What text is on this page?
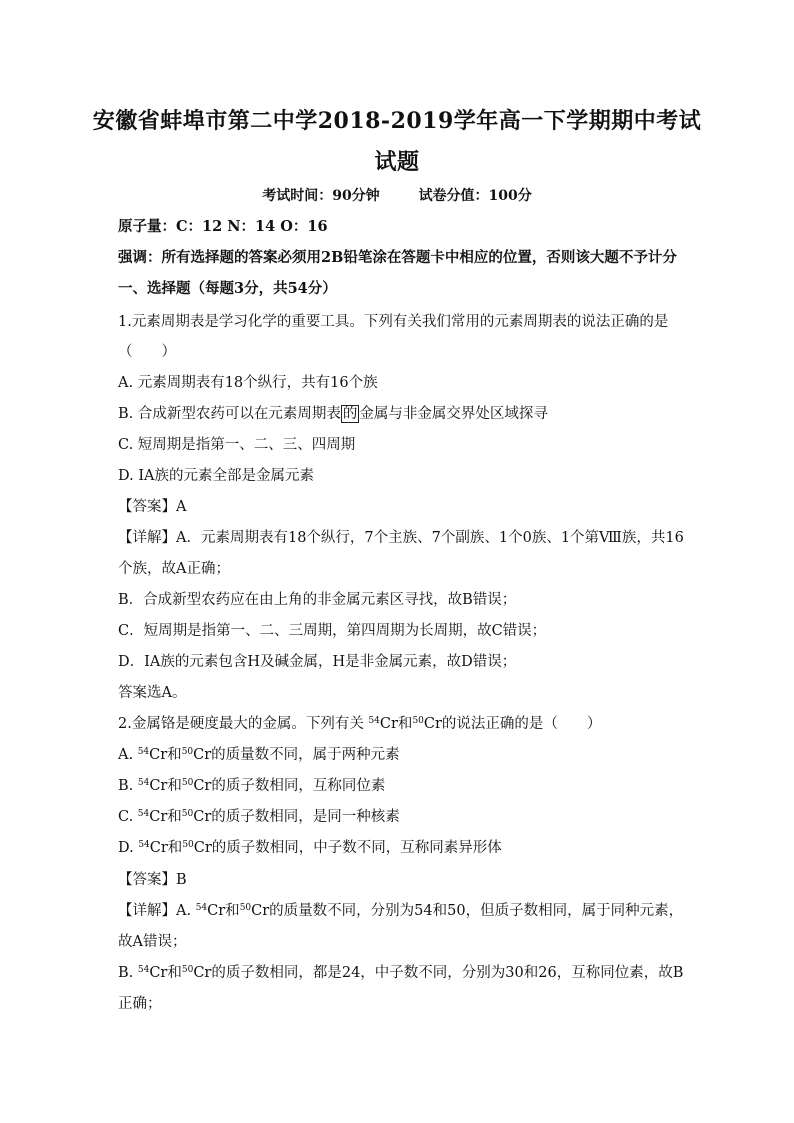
安徽省蚌埠市第二中学2018-2019学年高一下学期期中考试
试题
考试时间：90分钟	试卷分值：100分
原子量：C：12 N：14 O：16
强调：所有选择题的答案必须用2B铅笔涂在答题卡中相应的位置，否则该大题不予计分
一、选择题（每题3分，共54分）
1.元素周期表是学习化学的重要工具。下列有关我们常用的元素周期表的说法正确的是
（　　）
A. 元素周期表有18个纵行，共有16个族
B. 合成新型农药可以在元素周期表 的 金属与非金属交界处区域探寻
C. 短周期是指第一、二、三、四周期
D. IA族的元素全部是金属元素
【答案】A
【详解】A．元素周期表有18个纵行，7个主族、7个副族、1个0族、1个第Ⅷ族，共16
个族，故A正确；
B．合成新型农药应在由上角的非金属元素区寻找，故B错误；
C．短周期是指第一、二、三周期，第四周期为长周期，故C错误；
D．ⅠA族的元素包含H及碱金属，H是非金属元素，故D错误；
答案选A。
2.金属铬是硬度最大的金属。下列有关 $^{54}$Cr和$^{50}$Cr的说法正确的是（　　）
A. $^{54}$Cr和$^{50}$Cr的质量数不同，属于两种元素
B. $^{54}$Cr和$^{50}$Cr的质子数相同，互称同位素
C. $^{54}$Cr和$^{50}$Cr的质子数相同，是同一种核素
D. $^{54}$Cr和$^{50}$Cr的质子数相同，中子数不同，互称同素异形体
【答案】B
【详解】A. $^{54}$Cr和$^{50}$Cr的质量数不同，分别为54和50，但质子数相同，属于同种元素，
故A错误；
B. $^{54}$Cr和$^{50}$Cr的质子数相同，都是24，中子数不同，分别为30和26，互称同位素，故B
正确；
